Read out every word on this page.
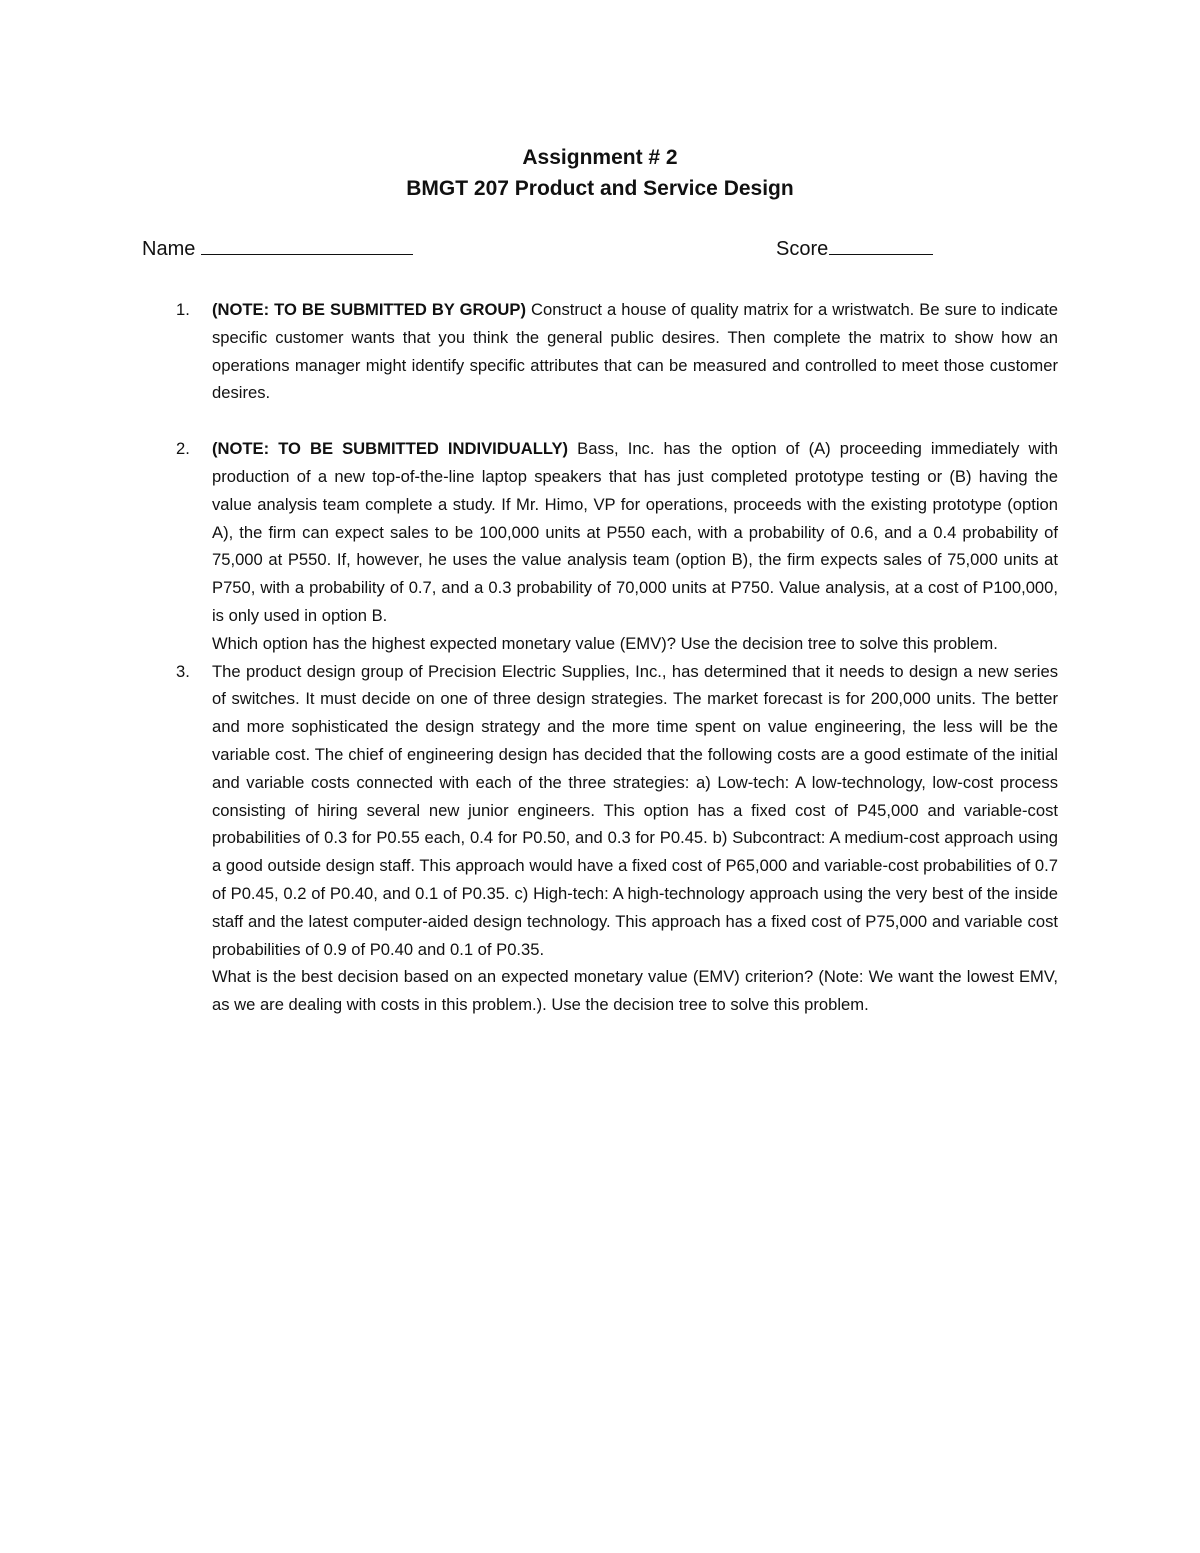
Assignment # 2
BMGT 207 Product and Service Design
Name	Score
1. (NOTE: TO BE SUBMITTED BY GROUP) Construct a house of quality matrix for a wristwatch. Be sure to indicate specific customer wants that you think the general public desires. Then complete the matrix to show how an operations manager might identify specific attributes that can be measured and controlled to meet those customer desires.
2. (NOTE: TO BE SUBMITTED INDIVIDUALLY) Bass, Inc. has the option of (A) proceeding immediately with production of a new top-of-the-line laptop speakers that has just completed prototype testing or (B) having the value analysis team complete a study. If Mr. Himo, VP for operations, proceeds with the existing prototype (option A), the firm can expect sales to be 100,000 units at P550 each, with a probability of 0.6, and a 0.4 probability of 75,000 at P550. If, however, he uses the value analysis team (option B), the firm expects sales of 75,000 units at P750, with a probability of 0.7, and a 0.3 probability of 70,000 units at P750. Value analysis, at a cost of P100,000, is only used in option B.
Which option has the highest expected monetary value (EMV)? Use the decision tree to solve this problem.
3. The product design group of Precision Electric Supplies, Inc., has determined that it needs to design a new series of switches. It must decide on one of three design strategies. The market forecast is for 200,000 units. The better and more sophisticated the design strategy and the more time spent on value engineering, the less will be the variable cost. The chief of engineering design has decided that the following costs are a good estimate of the initial and variable costs connected with each of the three strategies: a) Low-tech: A low-technology, low-cost process consisting of hiring several new junior engineers. This option has a fixed cost of P45,000 and variable-cost probabilities of 0.3 for P0.55 each, 0.4 for P0.50, and 0.3 for P0.45. b) Subcontract: A medium-cost approach using a good outside design staff. This approach would have a fixed cost of P65,000 and variable-cost probabilities of 0.7 of P0.45, 0.2 of P0.40, and 0.1 of P0.35. c) High-tech: A high-technology approach using the very best of the inside staff and the latest computer-aided design technology. This approach has a fixed cost of P75,000 and variable cost probabilities of 0.9 of P0.40 and 0.1 of P0.35.
What is the best decision based on an expected monetary value (EMV) criterion? (Note: We want the lowest EMV, as we are dealing with costs in this problem.). Use the decision tree to solve this problem.
